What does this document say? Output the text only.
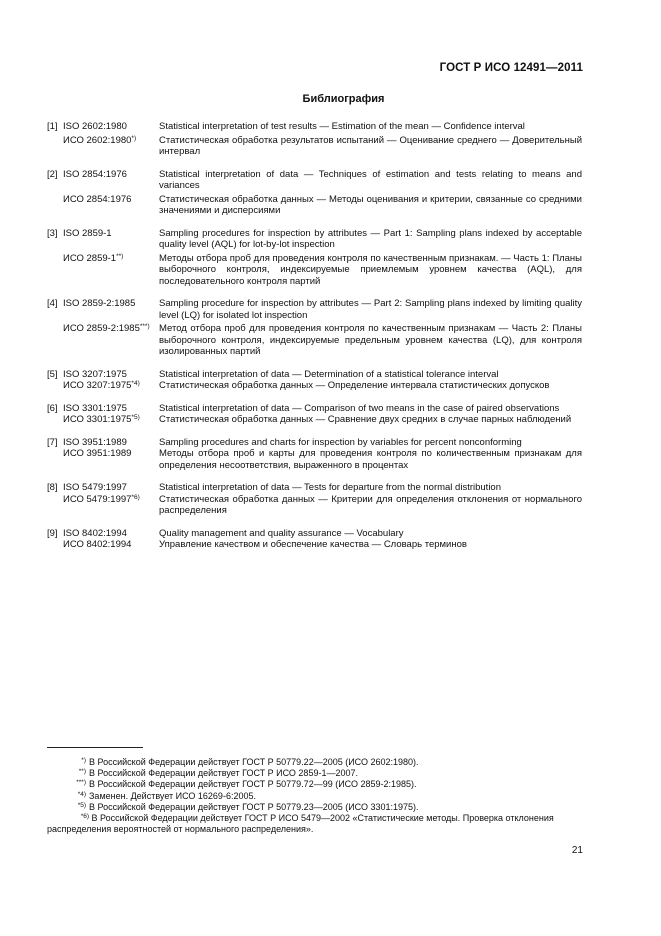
ГОСТ Р ИСО 12491—2011
Библиография
[1] ISO 2602:1980	Statistical interpretation of test results — Estimation of the mean — Confidence interval
ИСО 2602:1980*)	Статистическая обработка результатов испытаний — Оценивание среднего — Доверительный интервал
[2] ISO 2854:1976	Statistical interpretation of data — Techniques of estimation and tests relating to means and variances
ИСО 2854:1976	Статистическая обработка данных — Методы оценивания и критерии, связанные со средними значениями и дисперсиями
[3] ISO 2859-1	Sampling procedures for inspection by attributes — Part 1: Sampling plans indexed by acceptable quality level (AQL) for lot-by-lot inspection
ИСО 2859-1**)	Методы отбора проб для проведения контроля по качественным признакам. — Часть 1: Планы выборочного контроля, индексируемые приемлемым уровнем качества (AQL), для последовательного контроля партий
[4] ISO 2859-2:1985	Sampling procedure for inspection by attributes — Part 2: Sampling plans indexed by limiting quality level (LQ) for isolated lot inspection
ИСО 2859-2:1985***) Метод отбора проб для проведения контроля по качественным признакам — Часть 2: Планы выборочного контроля, индексируемые предельным уровнем качества (LQ), для контроля изолированных партий
[5] ISO 3207:1975	Statistical interpretation of data — Determination of a statistical tolerance interval
ИСО 3207:1975$^{*4)}$	Статистическая обработка данных — Определение интервала статистических допусков
[6] ISO 3301:1975	Statistical interpretation of data — Comparison of two means in the case of paired observations
ИСО 3301:1975$^{*5)}$	Статистическая обработка данных — Сравнение двух средних в случае парных наблюдений
[7] ISO 3951:1989	Sampling procedures and charts for inspection by variables for percent nonconforming
ИСО 3951:1989	Методы отбора проб и карты для проведения контроля по количественным признакам для определения несоответствия, выраженного в процентах
[8] ISO 5479:1997	Statistical interpretation of data — Tests for departure from the normal distribution
ИСО 5479:1997$^{*6)}$	Статистическая обработка данных — Критерии для определения отклонения от нормального распределения
[9] ISO 8402:1994	Quality management and quality assurance — Vocabulary
ИСО 8402:1994	Управление качеством и обеспечение качества — Словарь терминов
*) В Российской Федерации действует ГОСТ Р 50779.22—2005 (ИСО 2602:1980).
**) В Российской Федерации действует ГОСТ Р ИСО 2859-1—2007.
***) В Российской Федерации действует ГОСТ Р 50779.72—99 (ИСО 2859-2:1985).
$^{*4)}$ Заменен. Действует ИСО 16269-6:2005.
$^{*5)}$ В Российской Федерации действует ГОСТ Р 50779.23—2005 (ИСО 3301:1975).
$^{*6)}$ В Российской Федерации действует ГОСТ Р ИСО 5479—2002 «Статистические методы. Проверка отклонения распределения вероятностей от нормального распределения».
21
